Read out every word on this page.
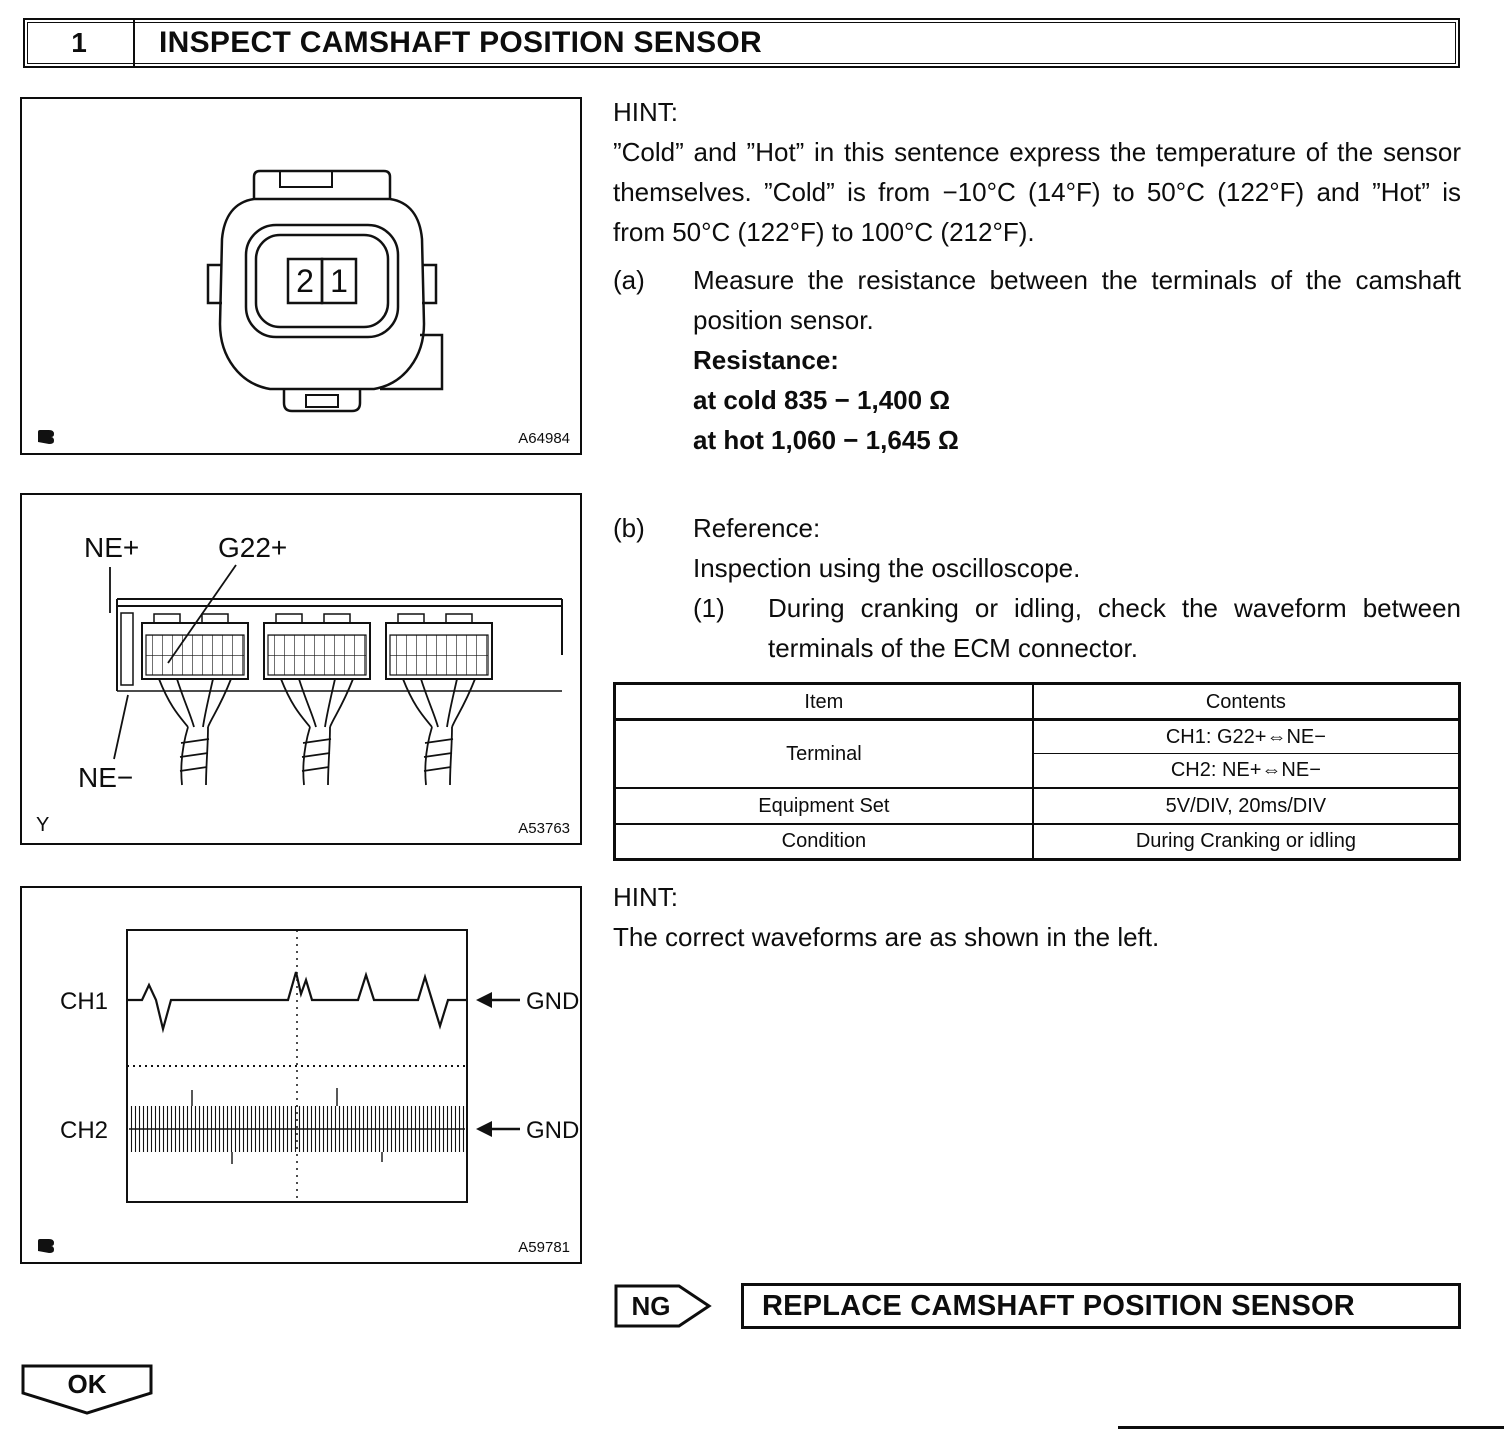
1	INSPECT CAMSHAFT POSITION SENSOR
2 1
A64984
NE+	G22+
NE−
Y	A53763
CH1
CH2
GND
GND
A59781
HINT:
”Cold” and ”Hot” in this sentence express the temperature of the sensor themselves. ”Cold” is from −10°C (14°F) to 50°C (122°F) and ”Hot” is from 50°C (122°F) to 100°C (212°F).
(a)	Measure the resistance between the terminals of the camshaft position sensor.
Resistance:
at cold 835 − 1,400 Ω
at hot 1,060 − 1,645 Ω
(b)	Reference:
Inspection using the oscilloscope.
(1)	During cranking or idling, check the waveform between terminals of the ECM connector.
Item	Contents
Terminal	CH1: G22+⇔NE−
	CH2: NE+⇔NE−
Equipment Set	5V/DIV, 20ms/DIV
Condition	During Cranking or idling
HINT:
The correct waveforms are as shown in the left.
NG	REPLACE CAMSHAFT POSITION SENSOR
OK
